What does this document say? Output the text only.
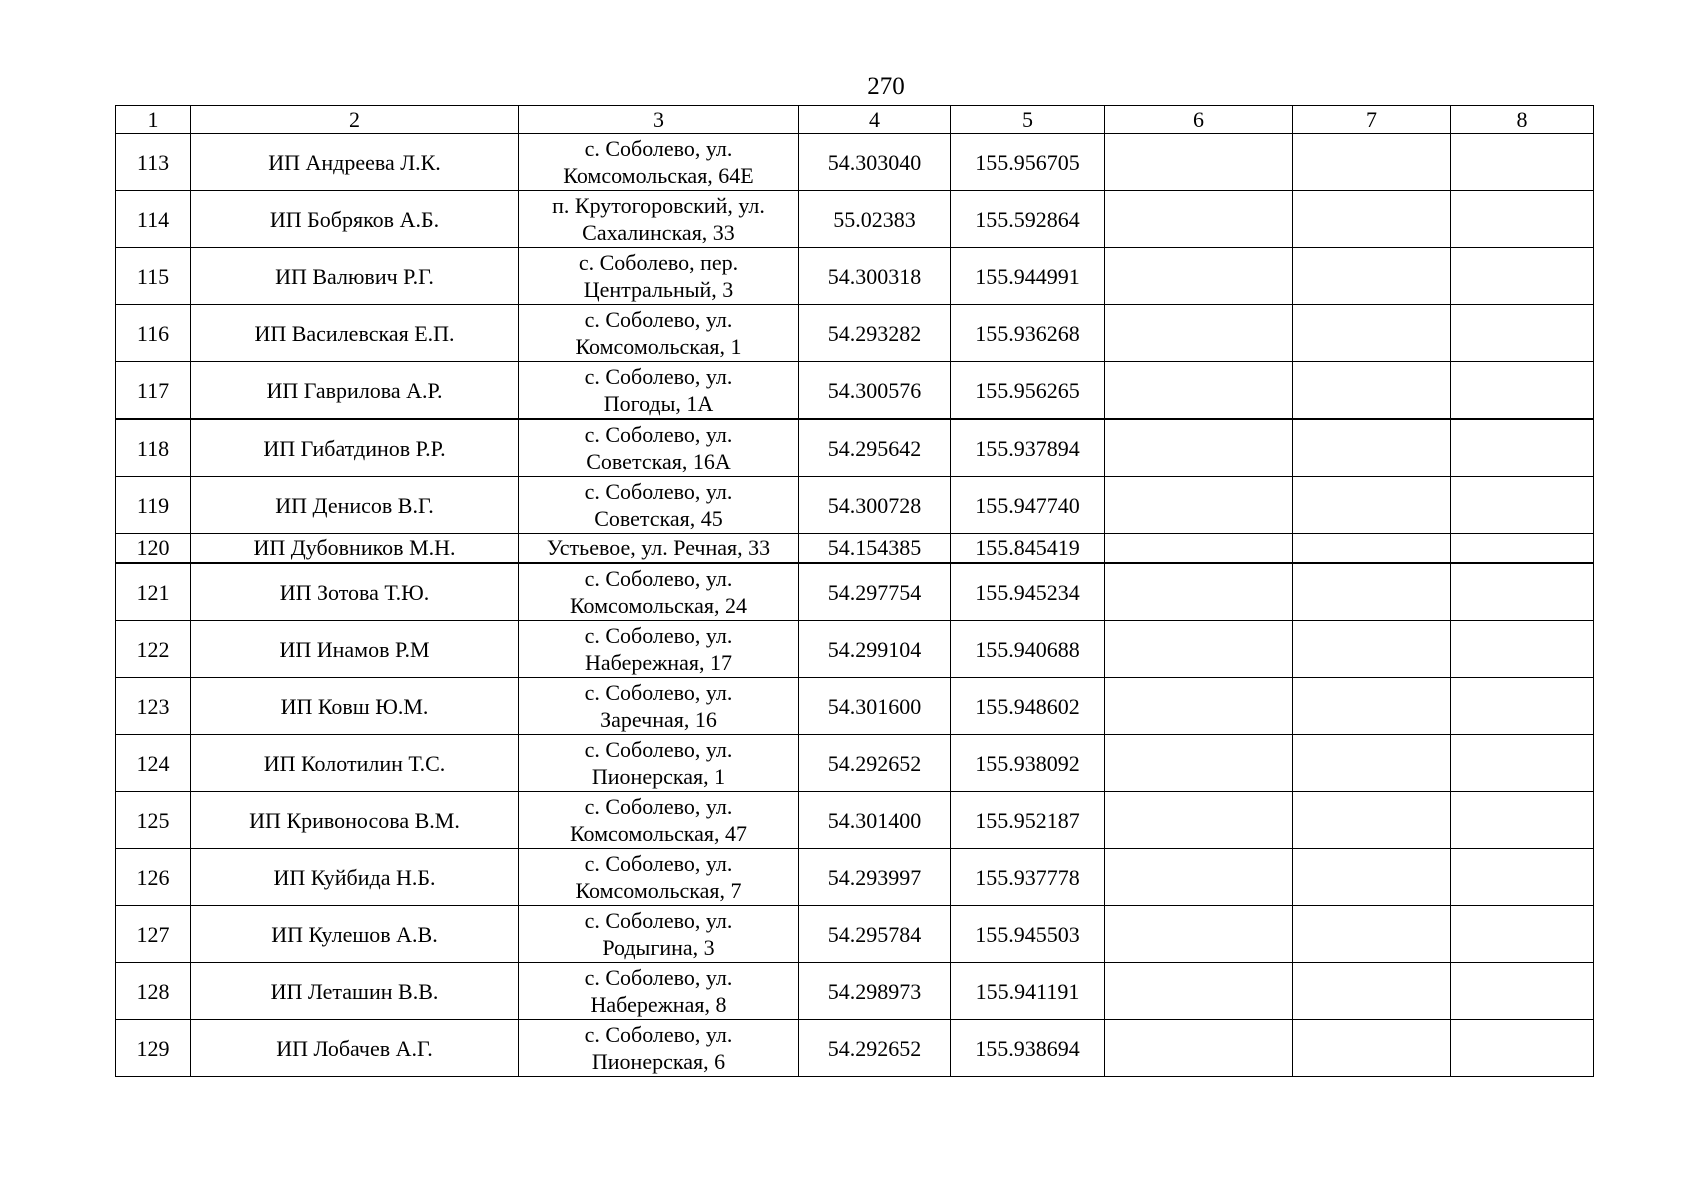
270
1	2	3	4	5	6	7	8
113	ИП Андреева Л.К.	с. Соболево, ул.
Комсомольская, 64Е	54.303040	155.956705			
114	ИП Бобряков А.Б.	п. Крутогоровский, ул.
Сахалинская, 33	55.02383	155.592864			
115	ИП Валювич Р.Г.	с. Соболево, пер.
Центральный, 3	54.300318	155.944991			
116	ИП Василевская Е.П.	с. Соболево, ул.
Комсомольская, 1	54.293282	155.936268			
117	ИП Гаврилова А.Р.	с. Соболево, ул.
Погоды, 1А	54.300576	155.956265			
118	ИП Гибатдинов Р.Р.	с. Соболево, ул.
Советская, 16А	54.295642	155.937894			
119	ИП Денисов В.Г.	с. Соболево, ул.
Советская, 45	54.300728	155.947740			
120	ИП Дубовников М.Н.	Устьевое, ул. Речная, 33	54.154385	155.845419			
121	ИП Зотова Т.Ю.	с. Соболево, ул.
Комсомольская, 24	54.297754	155.945234			
122	ИП Инамов Р.М	с. Соболево, ул.
Набережная, 17	54.299104	155.940688			
123	ИП Ковш Ю.М.	с. Соболево, ул.
Заречная, 16	54.301600	155.948602			
124	ИП Колотилин Т.С.	с. Соболево, ул.
Пионерская, 1	54.292652	155.938092			
125	ИП Кривоносова В.М.	с. Соболево, ул.
Комсомольская, 47	54.301400	155.952187			
126	ИП Куйбида Н.Б.	с. Соболево, ул.
Комсомольская, 7	54.293997	155.937778			
127	ИП Кулешов А.В.	с. Соболево, ул.
Родыгина, 3	54.295784	155.945503			
128	ИП Леташин В.В.	с. Соболево, ул.
Набережная, 8	54.298973	155.941191			
129	ИП Лобачев А.Г.	с. Соболево, ул.
Пионерская, 6	54.292652	155.938694			
